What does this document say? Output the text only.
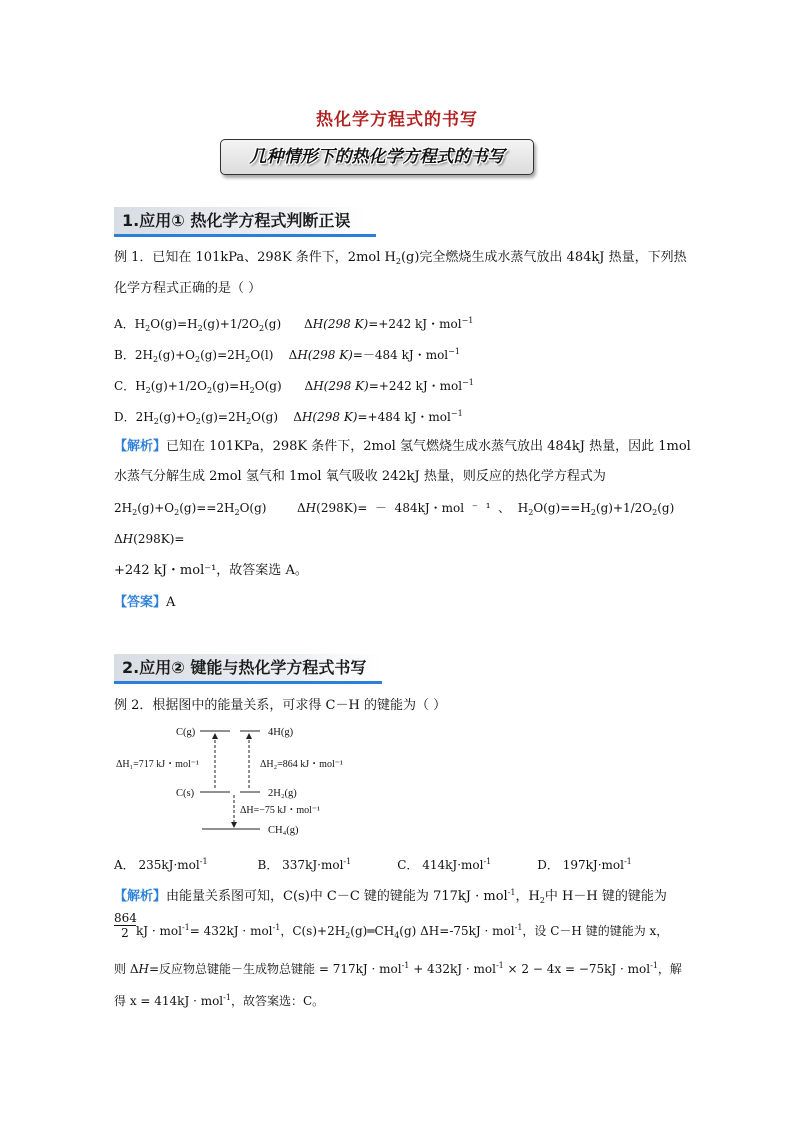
热化学方程式的书写
几种情形下的热化学方程式的书写
1.应用① 热化学方程式判断正误
例 1．已知在 101kPa、298K 条件下，2mol $H_2(g)$完全燃烧生成水蒸气放出 484kJ 热量，下列热
化学方程式正确的是（ ）
A．$H_2O(g)=H_2(g)+1/2O_2(g)$      ΔH(298 K)=+242 kJ・mol$^{-1}$
B．$2H_2(g)+O_2(g)=2H_2O(l)$    ΔH(298 K)=－484 kJ・mol$^{-1}$
C．$H_2(g)+1/2O_2(g)=H_2O(g)$      ΔH(298 K)=+242 kJ・mol$^{-1}$
D．$2H_2(g)+O_2(g)=2H_2O(g)$    ΔH(298 K)=+484 kJ・mol$^{-1}$
【解析】已知在 101KPa，298K 条件下，2mol 氢气燃烧生成水蒸气放出 484kJ 热量，因此 1mol
水蒸气分解生成 2mol 氢气和 1mol 氧气吸收 242kJ 热量，则反应的热化学方程式为
$2H_2(g)+O_2(g)==2H_2O(g)$        ΔH(298K)=  －  484kJ・mol  ⁻  ¹  、  $H_2O(g)==H_2(g)+1/2O_2(g)$
ΔH(298K)=
+242 kJ・mol⁻¹，故答案选 A。
【答案】A
2.应用② 键能与热化学方程式书写
例 2．根据图中的能量关系，可求得 C－H 的键能为（ ）
C(g)	4H(g)
ΔH₁=717 kJ・mol⁻¹	ΔH₂=864 kJ・mol⁻¹
C(s)	2H₂(g)
ΔH=−75 kJ・mol⁻¹
CH₄(g)
A． 235kJ·mol$^{-1}$	B． 337kJ·mol$^{-1}$	C． 414kJ·mol$^{-1}$	D． 197kJ·mol$^{-1}$
【解析】由能量关系图可知，C(s)中 C－C 键的键能为 717kJ · mol$^{-1}$，$H_2$中 H－H 键的键能为
$\frac{864}{2}$ kJ · mol$^{-1}$= 432kJ · mol$^{-1}$，$C(s)+2H_2(g)═CH_4(g) \Delta H=-75kJ \cdot mol^{-1}$，设 C－H 键的键能为 x，
则 ΔH=反应物总键能－生成物总键能 = 717kJ · mol$^{-1}$ + 432kJ · mol$^{-1}$ × 2 − 4x = −75kJ · mol$^{-1}$，解
得 x = 414kJ · mol$^{-1}$，故答案选：C。
